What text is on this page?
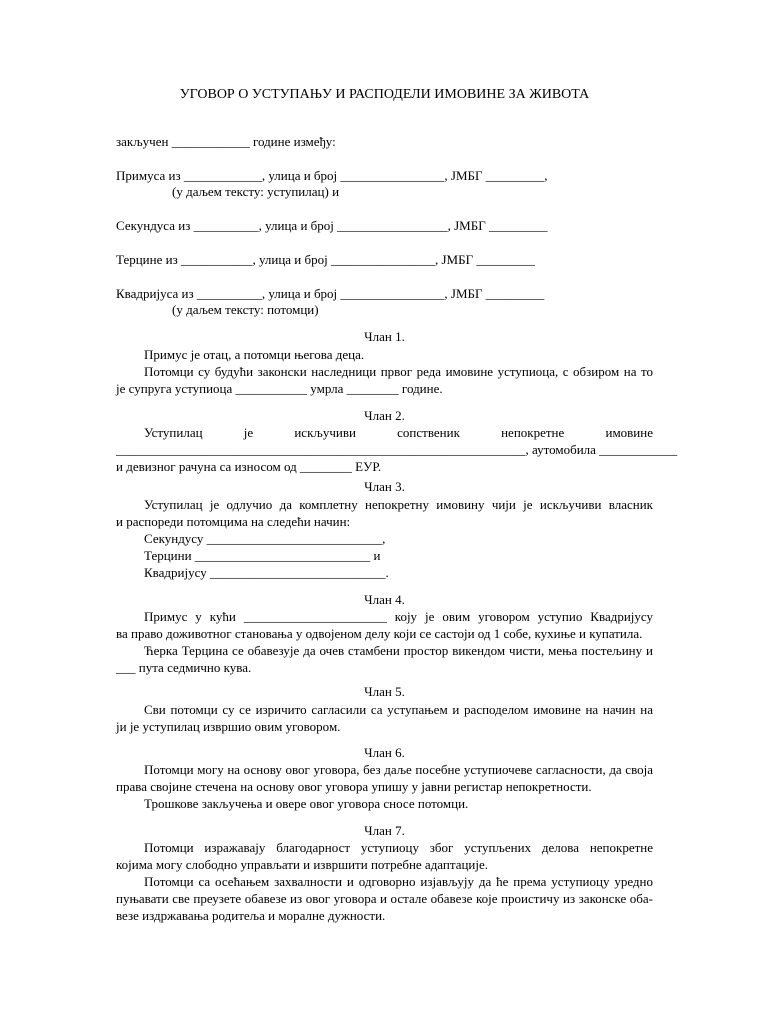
УГОВОР О УСТУПАЊУ И РАСПОДЕЛИ ИМОВИНЕ ЗА ЖИВОТА
закључен ____________ године између:
Примуса из ____________, улица и број ________________, ЈМБГ _________,
(у даљем тексту: уступилац) и
Секундуса из __________, улица и број _________________, ЈМБГ _________
Терцине из ___________, улица и број ________________, ЈМБГ _________
Квадријуса из __________, улица и број ________________, ЈМБГ _________
(у даљем тексту: потомци)
Члан 1.
Примус је отац, а потомци његова деца.
Потомци су будући законски наследници првог реда имовине уступиоца, с обзиром на то
је супруга уступиоца ___________ умрла ________ године.
Члан 2.
Уступилац је искључиви сопственик непокретне имовине
_______________________________________________________________ , аутомобила ____________
и девизног рачуна са износом од ________ ЕУР.
Члан 3.
Уступилац је одлучио да комплетну непокретну имовину чији је искључиви власник
и распореди потомцима на следећи начин:
Секундусу ___________________________,
Терцини ___________________________ и
Квадријусу ___________________________.
Члан 4.
Примус у кући ______________________ коју је овим уговором уступио Квадријусу
ва право доживотног становања у одвојеном делу који се састоји од 1 собе, кухиње и купатила.
Ћерка Терцина се обавезује да очев стамбени простор викендом чисти, мења постељину и
___ пута седмично кува.
Члан 5.
Сви потомци су се изричито сагласили са уступањем и расподелом имовине на начин на
ји је уступилац извршио овим уговором.
Члан 6.
Потомци могу на основу овог уговора, без даље посебне уступиочеве сагласности, да своја
права својине стечена на основу овог уговора упишу у јавни регистар непокретности.
Трошкове закључења и овере овог уговора сносе потомци.
Члан 7.
Потомци изражавају благодарност уступиоцу због уступљених делова непокретне
којима могу слободно управљати и извршити потребне адаптације.
Потомци са осећањем захвалности и одговорно изјављују да ће према уступиоцу уредно
пуњавати све преузете обавезе из овог уговора и остале обавезе које проистичу из законске оба-
везе издржавања родитеља и моралне дужности.
